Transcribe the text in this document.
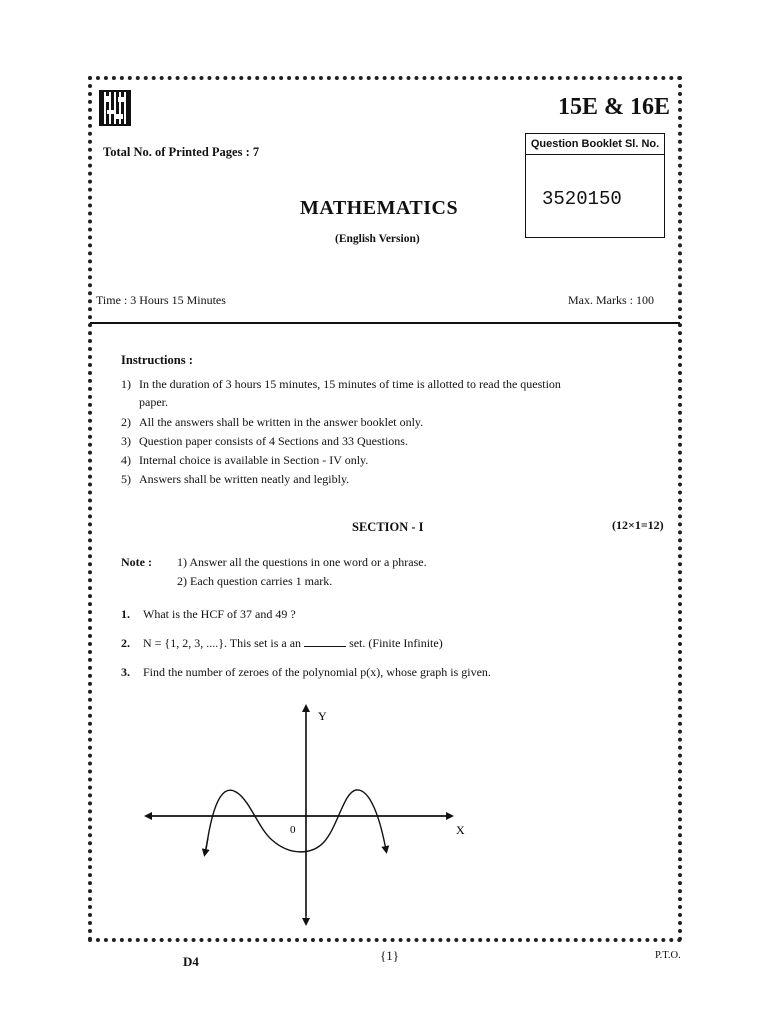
15E & 16E
Total No. of Printed Pages : 7
Question Booklet Sl. No.
3520150
MATHEMATICS
(English Version)
Time : 3 Hours 15 Minutes	Max. Marks : 100
Instructions :
1) In the duration of 3 hours 15 minutes, 15 minutes of time is allotted to read the question
paper.
2) All the answers shall be written in the answer booklet only.
3) Question paper consists of 4 Sections and 33 Questions.
4) Internal choice is available in Section - IV only.
5) Answers shall be written neatly and legibly.
SECTION - I	(12×1=12)
Note : 1) Answer all the questions in one word or a phrase.
2) Each question carries 1 mark.
1. What is the HCF of 37 and 49 ?
2. N = {1, 2, 3, ....}. This set is a an	set. (Finite Infinite)
3. Find the number of zeroes of the polynomial p(x), whose graph is given.
Y
X
0
D4	{1}	P.T.O.
